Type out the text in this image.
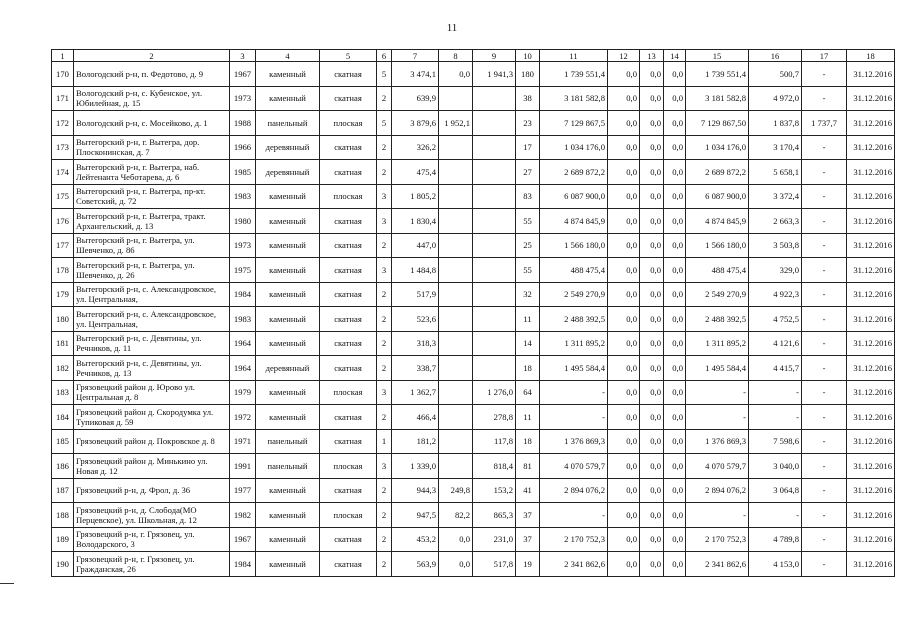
11
1	2	3	4	5	6	7	8	9	10	11	12	13	14	15	16	17	18
170	Вологодский р-н, п. Федотово, д. 9	1967	каменный	скатная	5	3 474,1	0,0	1 941,3	180	1 739 551,4	0,0	0,0	0,0	1 739 551,4	500,7	-	31.12.2016
171	Вологодский р-н, с. Кубенское, ул. Юбилейная, д. 15	1973	каменный	скатная	2	639,9			38	3 181 582,8	0,0	0,0	0,0	3 181 582,8	4 972,0	-	31.12.2016
172	Вологодский р-н, с. Мосейково, д. 1	1988	панельный	плоская	5	3 879,6	1 952,1		23	7 129 867,5	0,0	0,0	0,0	7 129 867,50	1 837,8	1 737,7	31.12.2016
173	Вытегорский р-н, г. Вытегра, дор. Плосконинская, д. 7	1966	деревянный	скатная	2	326,2			17	1 034 176,0	0,0	0,0	0,0	1 034 176,0	3 170,4	-	31.12.2016
174	Вытегорский р-н, г. Вытегра, наб. Лейтенанта Чеботарева, д. 6	1985	деревянный	скатная	2	475,4			27	2 689 872,2	0,0	0,0	0,0	2 689 872,2	5 658,1	-	31.12.2016
175	Вытегорский р-н, г. Вытегра, пр-кт. Советский, д. 72	1983	каменный	плоская	3	1 805,2			83	6 087 900,0	0,0	0,0	0,0	6 087 900,0	3 372,4	-	31.12.2016
176	Вытегорский р-н, г. Вытегра, тракт. Архангельский, д. 13	1980	каменный	скатная	3	1 830,4			55	4 874 845,9	0,0	0,0	0,0	4 874 845,9	2 663,3	-	31.12.2016
177	Вытегорский р-н, г. Вытегра, ул. Шевченко, д. 86	1973	каменный	скатная	2	447,0			25	1 566 180,0	0,0	0,0	0,0	1 566 180,0	3 503,8	-	31.12.2016
178	Вытегорский р-н, г. Вытегра, ул. Шевченко, д. 26	1975	каменный	скатная	3	1 484,8			55	488 475,4	0,0	0,0	0,0	488 475,4	329,0	-	31.12.2016
179	Вытегорский р-н, с. Александровское, ул. Центральная,	1984	каменный	скатная	2	517,9			32	2 549 270,9	0,0	0,0	0,0	2 549 270,9	4 922,3	-	31.12.2016
180	Вытегорский р-н, с. Александровское, ул. Центральная,	1983	каменный	скатная	2	523,6			11	2 488 392,5	0,0	0,0	0,0	2 488 392,5	4 752,5	-	31.12.2016
181	Вытегорский р-н, с. Девятины, ул. Речников, д. 11	1964	каменный	скатная	2	318,3			14	1 311 895,2	0,0	0,0	0,0	1 311 895,2	4 121,6	-	31.12.2016
182	Вытегорский р-н, с. Девятины, ул. Речников, д. 13	1964	деревянный	скатная	2	338,7			18	1 495 584,4	0,0	0,0	0,0	1 495 584,4	4 415,7	-	31.12.2016
183	Грязовецкий район д. Юрово ул. Центральная д. 8	1979	каменный	плоская	3	1 362,7		1 276,0	64	-	0,0	0,0	0,0	-	-	-	31.12.2016
184	Грязовецкий район д. Скородумка ул. Тупиковая д. 59	1972	каменный	скатная	2	466,4		278,8	11	-	0,0	0,0	0,0	-	-	-	31.12.2016
185	Грязовецкий район д. Покровское д. 8	1971	панельный	скатная	1	181,2		117,8	18	1 376 869,3	0,0	0,0	0,0	1 376 869,3	7 598,6	-	31.12.2016
186	Грязовецкий район д. Минькино ул. Новая д. 12	1991	панельный	плоская	3	1 339,0		818,4	81	4 070 579,7	0,0	0,0	0,0	4 070 579,7	3 040,0	-	31.12.2016
187	Грязовецкий р-н, д. Фрол, д. 36	1977	каменный	скатная	2	944,3	249,8	153,2	41	2 894 076,2	0,0	0,0	0,0	2 894 076,2	3 064,8	-	31.12.2016
188	Грязовецкий р-н, д. Слобода(МО Перцевское), ул. Школьная, д. 12	1982	каменный	плоская	2	947,5	82,2	865,3	37	-	0,0	0,0	0,0	-	-	-	31.12.2016
189	Грязовецкий р-н, г. Грязовец, ул. Володарского, 3	1967	каменный	скатная	2	453,2	0,0	231,0	37	2 170 752,3	0,0	0,0	0,0	2 170 752,3	4 789,8	-	31.12.2016
190	Грязовецкий р-н, г. Грязовец, ул. Гражданская, 26	1984	каменный	скатная	2	563,9	0,0	517,8	19	2 341 862,6	0,0	0,0	0,0	2 341 862,6	4 153,0	-	31.12.2016
